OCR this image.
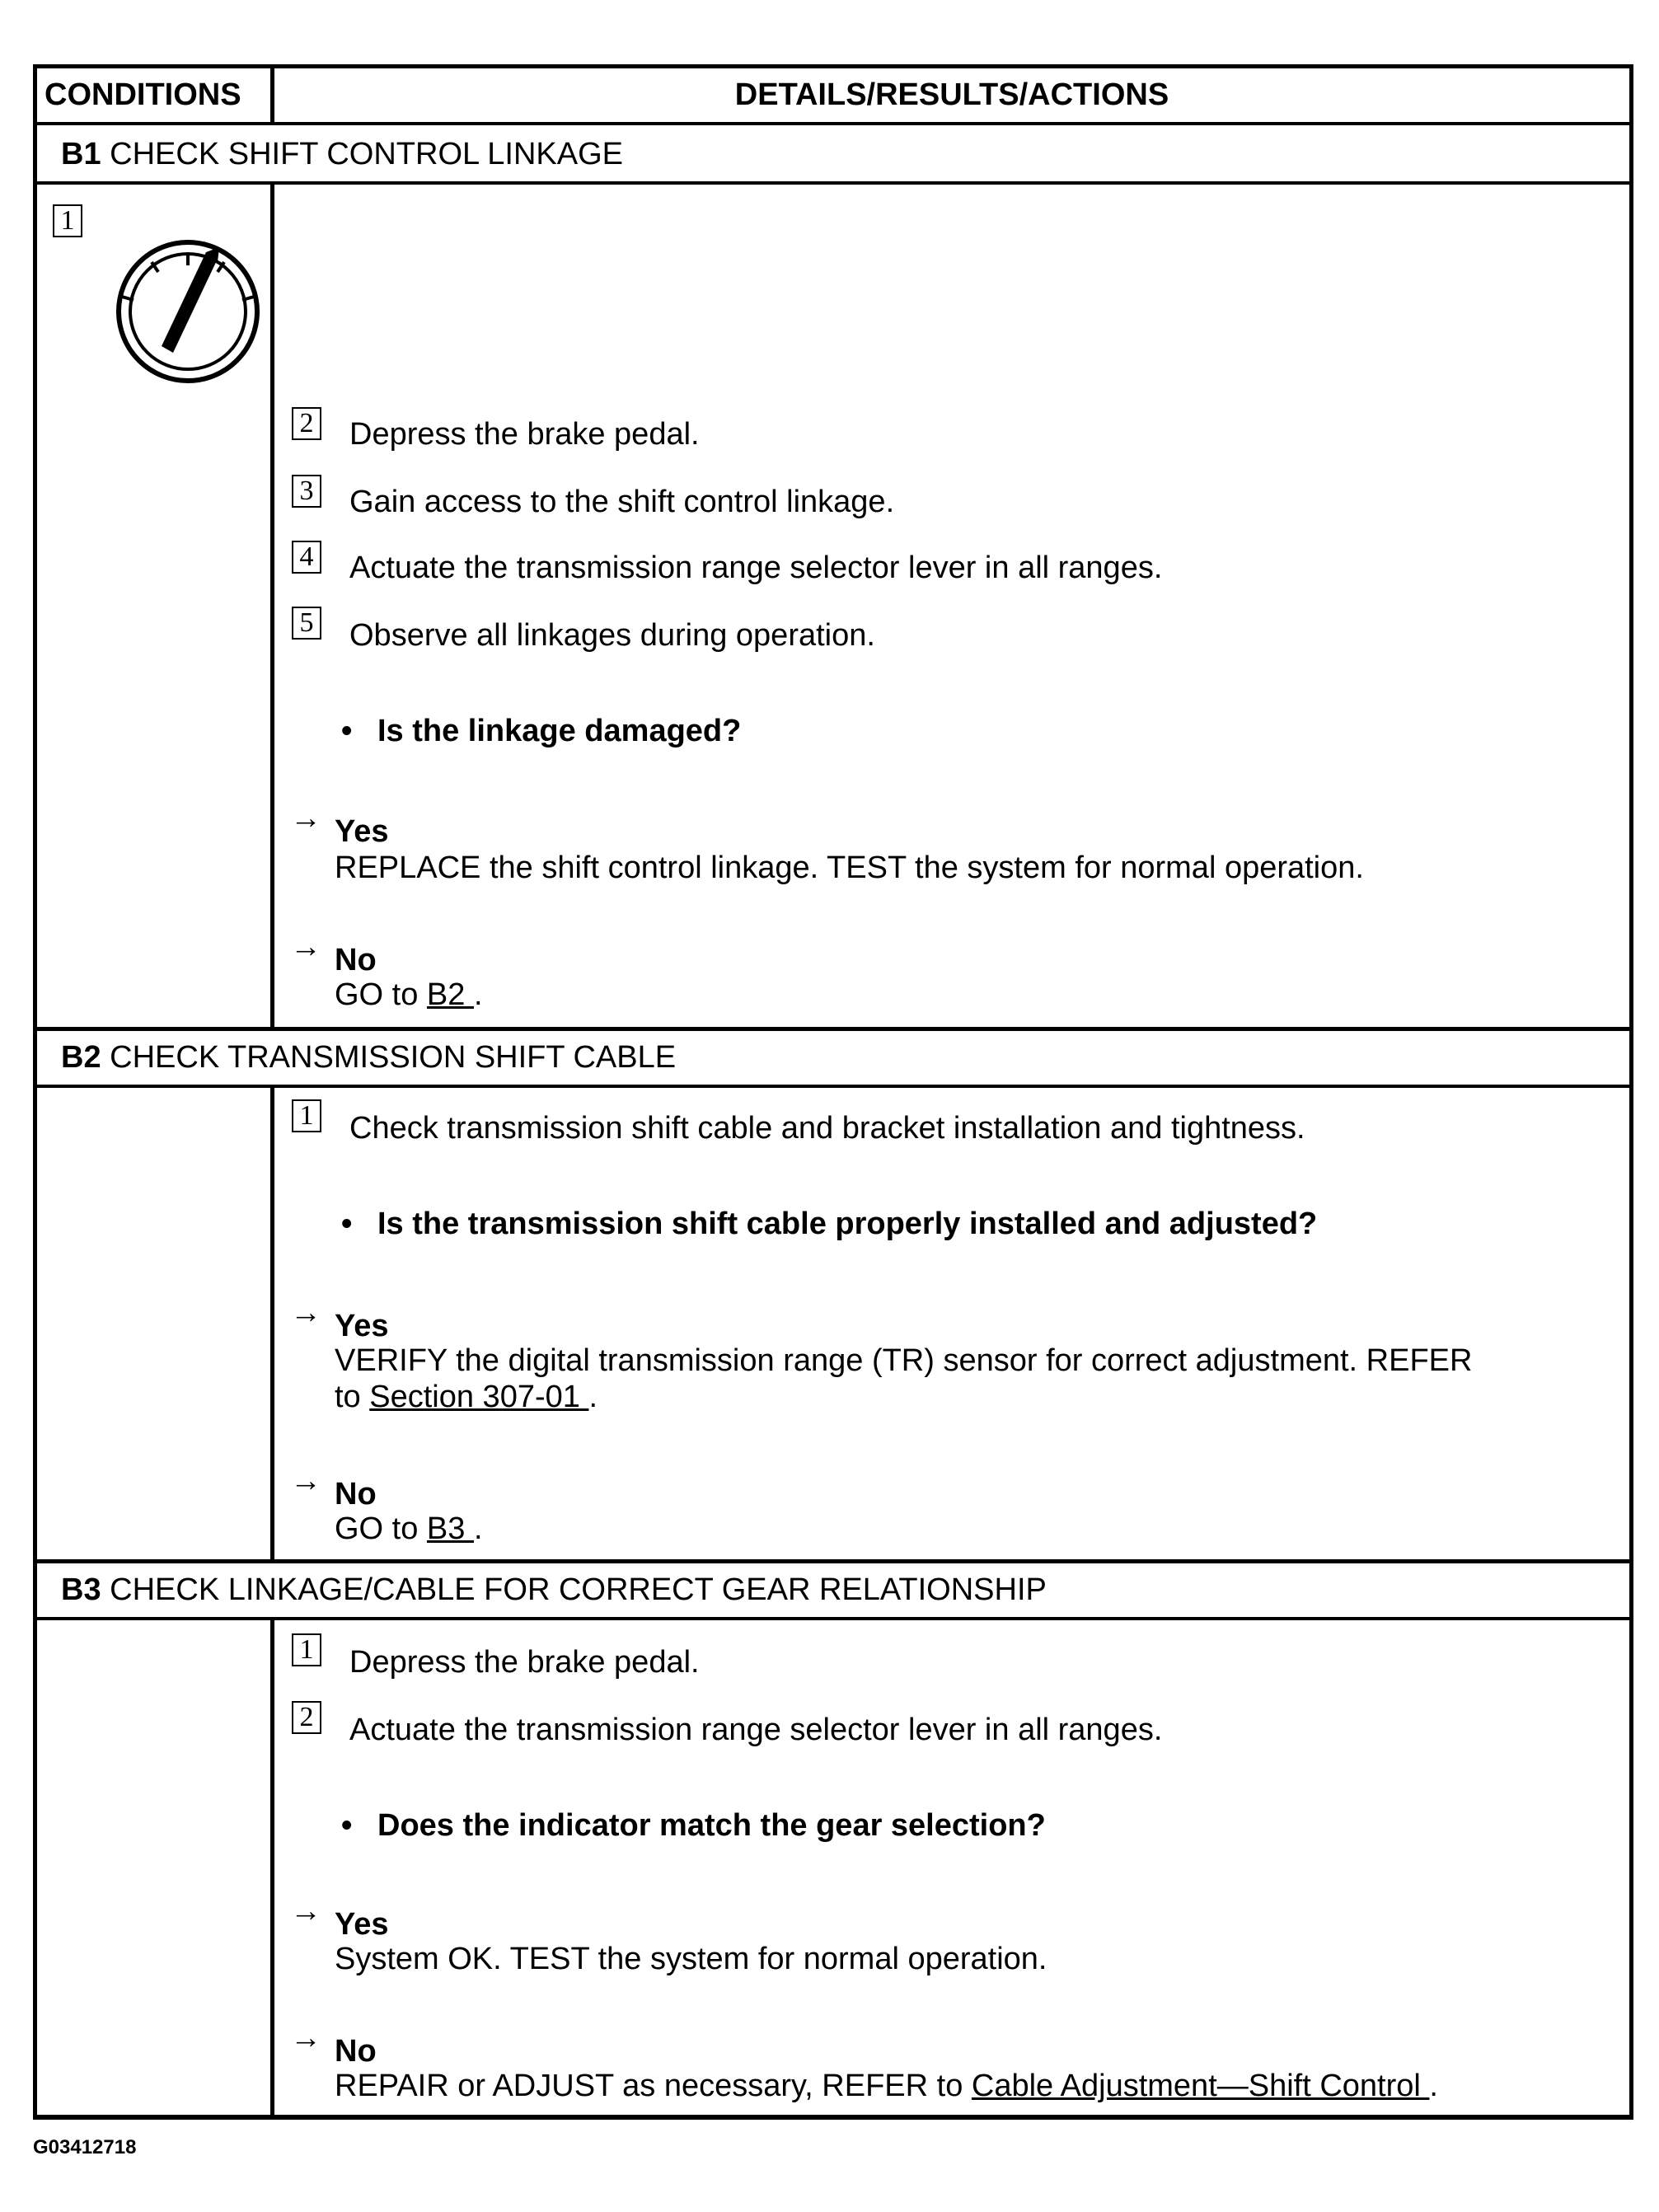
CONDITIONS	DETAILS/RESULTS/ACTIONS
B1 CHECK SHIFT CONTROL LINKAGE
1
2 Depress the brake pedal.
3 Gain access to the shift control linkage.
4 Actuate the transmission range selector lever in all ranges.
5 Observe all linkages during operation.
• Is the linkage damaged?
→ Yes
REPLACE the shift control linkage. TEST the system for normal operation.
→ No
GO to B2 .
B2 CHECK TRANSMISSION SHIFT CABLE
1 Check transmission shift cable and bracket installation and tightness.
• Is the transmission shift cable properly installed and adjusted?
→ Yes
VERIFY the digital transmission range (TR) sensor for correct adjustment. REFER
to Section 307-01 .
→ No
GO to B3 .
B3 CHECK LINKAGE/CABLE FOR CORRECT GEAR RELATIONSHIP
1 Depress the brake pedal.
2 Actuate the transmission range selector lever in all ranges.
• Does the indicator match the gear selection?
→ Yes
System OK. TEST the system for normal operation.
→ No
REPAIR or ADJUST as necessary, REFER to Cable Adjustment—Shift Control .
G03412718
